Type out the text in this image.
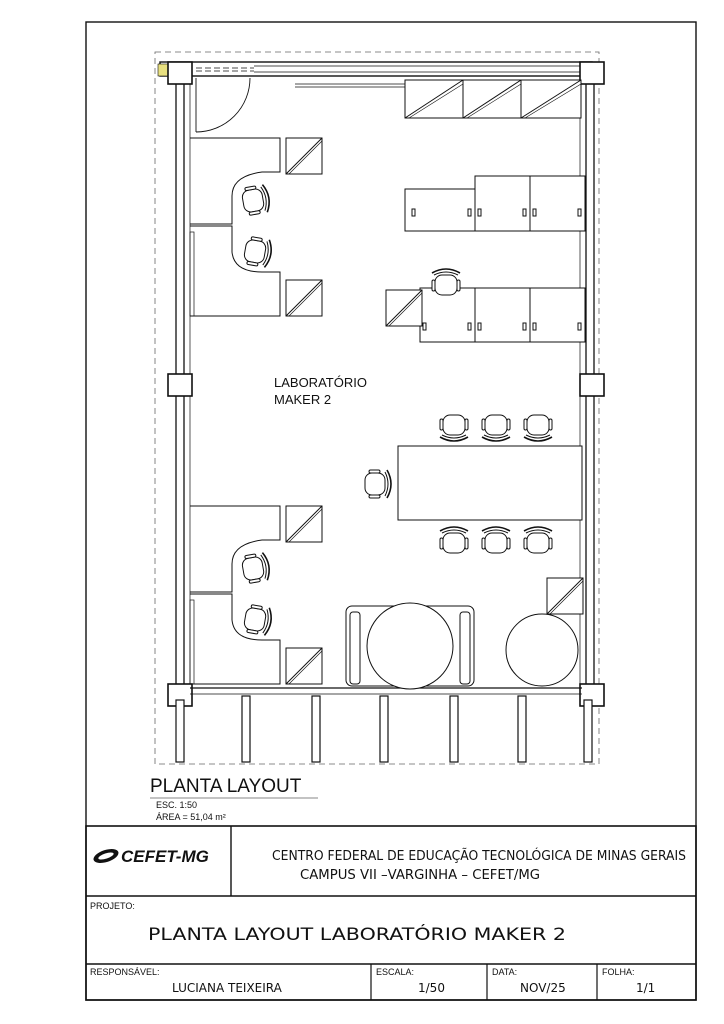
LABORATÓRIO
MAKER 2
PLANTA LAYOUT
ESC. 1:50
ÁREA = 51,04 m²
CEFET-MG	CENTRO FEDERAL DE EDUCAÇÃO TECNOLÓGICA DE MINAS GERAIS
CAMPUS VII –VARGINHA – CEFET/MG
PROJETO:
PLANTA LAYOUT LABORATÓRIO MAKER 2
RESPONSÁVEL:
LUCIANA TEIXEIRA
ESCALA:
1/50
DATA:
NOV/25
FOLHA:
1/1
